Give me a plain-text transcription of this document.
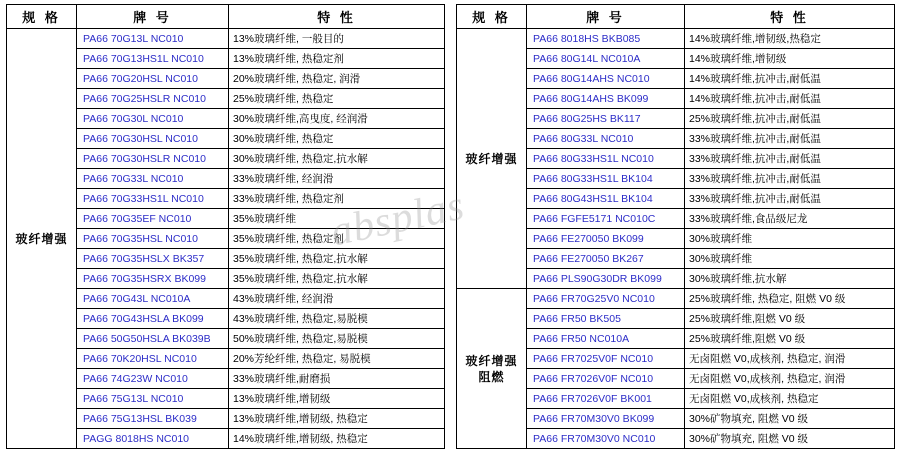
absplas
规 格	牌 号	特 性
玻纤增强	PA66 70G13L NC010	13%玻璃纤维, 一般目的
	PA66 70G13HS1L NC010	13%玻璃纤维, 热稳定剂
	PA66 70G20HSL NC010	20%玻璃纤维, 热稳定, 润滑
	PA66 70G25HSLR NC010	25%玻璃纤维, 热稳定
	PA66 70G30L NC010	30%玻璃纤维,高曳度, 经润滑
	PA66 70G30HSL NC010	30%玻璃纤维, 热稳定
	PA66 70G30HSLR NC010	30%玻璃纤维, 热稳定,抗水解
	PA66 70G33L NC010	33%玻璃纤维, 经润滑
	PA66 70G33HS1L NC010	33%玻璃纤维, 热稳定剂
	PA66 70G35EF NC010	35%玻璃纤维
	PA66 70G35HSL NC010	35%玻璃纤维, 热稳定剂
	PA66 70G35HSLX BK357	35%玻璃纤维, 热稳定,抗水解
	PA66 70G35HSRX BK099	35%玻璃纤维, 热稳定,抗水解
	PA66 70G43L NC010A	43%玻璃纤维, 经润滑
	PA66 70G43HSLA BK099	43%玻璃纤维, 热稳定,易脱模
	PA66 50G50HSLA BK039B	50%玻璃纤维, 热稳定,易脱模
	PA66 70K20HSL NC010	20%芳纶纤维, 热稳定, 易脱模
	PA66 74G23W NC010	33%玻璃纤维,耐磨损
	PA66 75G13L NC010	13%玻璃纤维,增韧级
	PA66 75G13HSL BK039	13%玻璃纤维,增韧级, 热稳定
	PAGG 8018HS NC010	14%玻璃纤维,增韧级, 热稳定
规 格	牌 号	特 性
玻纤增强	PA66 8018HS BKB085	14%玻璃纤维,增韧级,热稳定
	PA66 80G14L NC010A	14%玻璃纤维,增韧级
	PA66 80G14AHS NC010	14%玻璃纤维,抗冲击,耐低温
	PA66 80G14AHS BK099	14%玻璃纤维,抗冲击,耐低温
	PA66 80G25HS BK117	25%玻璃纤维,抗冲击,耐低温
	PA66 80G33L NC010	33%玻璃纤维,抗冲击,耐低温
	PA66 80G33HS1L NC010	33%玻璃纤维,抗冲击,耐低温
	PA66 80G33HS1L BK104	33%玻璃纤维,抗冲击,耐低温
	PA66 80G43HS1L BK104	33%玻璃纤维,抗冲击,耐低温
	PA66 FGFE5171 NC010C	33%玻璃纤维,食品级尼龙
	PA66 FE270050 BK099	30%玻璃纤维
	PA66 FE270050 BK267	30%玻璃纤维
	PA66 PLS90G30DR BK099	30%玻璃纤维,抗水解
玻纤增强
阻燃	PA66 FR70G25V0 NC010	25%玻璃纤维, 热稳定, 阻燃 V0 级
	PA66 FR50 BK505	25%玻璃纤维,阻燃 V0 级
	PA66 FR50 NC010A	25%玻璃纤维,阻燃 V0 级
	PA66 FR7025V0F NC010	无卤阻燃 V0,成核剂, 热稳定, 润滑
	PA66 FR7026V0F NC010	无卤阻燃 V0,成核剂, 热稳定, 润滑
	PA66 FR7026V0F BK001	无卤阻燃 V0,成核剂, 热稳定
	PA66 FR70M30V0 BK099	30%矿物填充, 阻燃 V0 级
	PA66 FR70M30V0 NC010	30%矿物填充, 阻燃 V0 级
